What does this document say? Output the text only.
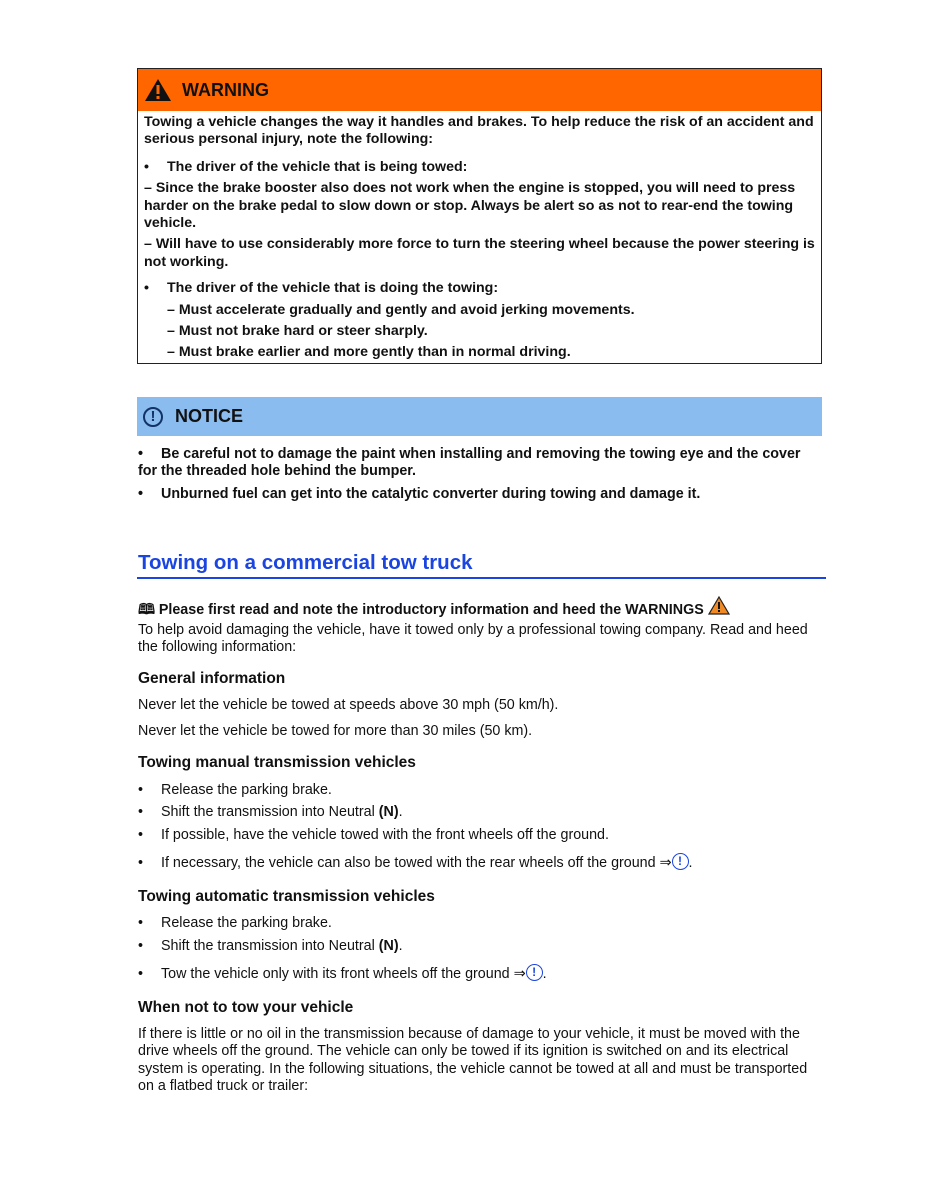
WARNING

Towing a vehicle changes the way it handles and brakes. To help reduce the risk of an accident and serious personal injury, note the following:

•	The driver of the vehicle that is being towed:

– Since the brake booster also does not work when the engine is stopped, you will need to press harder on the brake pedal to slow down or stop. Always be alert so as not to rear-end the towing vehicle.

– Will have to use considerably more force to turn the steering wheel because the power steering is not working.

•	The driver of the vehicle that is doing the towing:

– Must accelerate gradually and gently and avoid jerking movements.

– Must not brake hard or steer sharply.

– Must brake earlier and more gently than in normal driving.

!	NOTICE
• Be careful not to damage the paint when installing and removing the towing eye and the cover for the threaded hole behind the bumper.
• Unburned fuel can get into the catalytic converter during towing and damage it.
Towing on a commercial tow truck
🕮 Please first read and note the introductory information and heed the WARNINGS
To help avoid damaging the vehicle, have it towed only by a professional towing company. Read and heed the following information:
General information
Never let the vehicle be towed at speeds above 30 mph (50 km/h).
Never let the vehicle be towed for more than 30 miles (50 km).
Towing manual transmission vehicles
• Release the parking brake.
• Shift the transmission into Neutral (N).
• If possible, have the vehicle towed with the front wheels off the ground.
• If necessary, the vehicle can also be towed with the rear wheels off the ground ⇒ ! .
Towing automatic transmission vehicles
• Release the parking brake.
• Shift the transmission into Neutral (N).
• Tow the vehicle only with its front wheels off the ground ⇒ ! .
When not to tow your vehicle
If there is little or no oil in the transmission because of damage to your vehicle, it must be moved with the drive wheels off the ground. The vehicle can only be towed if its ignition is switched on and its electrical system is operating. In the following situations, the vehicle cannot be towed at all and must be transported on a flatbed truck or trailer:
